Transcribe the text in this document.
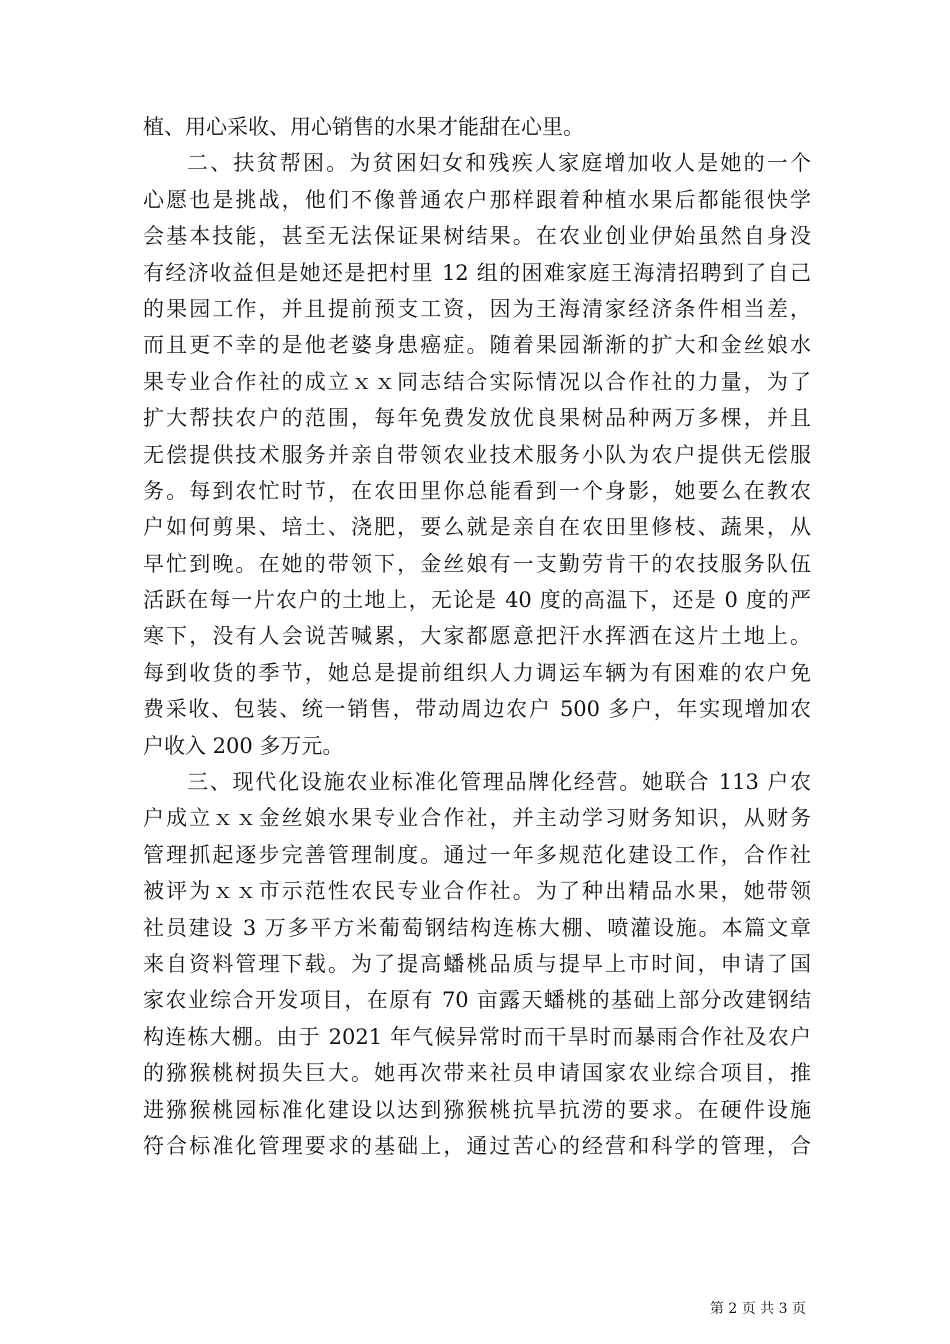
植、用心采收、用心销售的水果才能甜在心里。
二、扶贫帮困。为贫困妇女和残疾人家庭增加收人是她的一个
心愿也是挑战，他们不像普通农户那样跟着种植水果后都能很快学
会基本技能，甚至无法保证果树结果。在农业创业伊始虽然自身没
有经济收益但是她还是把村里 12 组的困难家庭王海清招聘到了自己
的果园工作，并且提前预支工资，因为王海清家经济条件相当差，
而且更不幸的是他老婆身患癌症。随着果园渐渐的扩大和金丝娘水
果专业合作社的成立ｘｘ同志结合实际情况以合作社的力量，为了
扩大帮扶农户的范围，每年免费发放优良果树品种两万多棵，并且
无偿提供技术服务并亲自带领农业技术服务小队为农户提供无偿服
务。每到农忙时节，在农田里你总能看到一个身影，她要么在教农
户如何剪果、培土、浇肥，要么就是亲自在农田里修枝、蔬果，从
早忙到晚。在她的带领下，金丝娘有一支勤劳肯干的农技服务队伍
活跃在每一片农户的土地上，无论是 40 度的高温下，还是 0 度的严
寒下，没有人会说苦喊累，大家都愿意把汗水挥洒在这片土地上。
每到收货的季节，她总是提前组织人力调运车辆为有困难的农户免
费采收、包装、统一销售，带动周边农户 500 多户，年实现增加农
户收入 200 多万元。
三、现代化设施农业标准化管理品牌化经营。她联合 113 户农
户成立ｘｘ金丝娘水果专业合作社，并主动学习财务知识，从财务
管理抓起逐步完善管理制度。通过一年多规范化建设工作，合作社
被评为ｘｘ市示范性农民专业合作社。为了种出精品水果，她带领
社员建设 3 万多平方米葡萄钢结构连栋大棚、喷灌设施。本篇文章
来自资料管理下载。为了提高蟠桃品质与提早上市时间，申请了国
家农业综合开发项目，在原有 70 亩露天蟠桃的基础上部分改建钢结
构连栋大棚。由于 2021 年气候异常时而干旱时而暴雨合作社及农户
的猕猴桃树损失巨大。她再次带来社员申请国家农业综合项目，推
进猕猴桃园标准化建设以达到猕猴桃抗旱抗涝的要求。在硬件设施
符合标准化管理要求的基础上，通过苦心的经营和科学的管理，合
第 2 页 共 3 页
